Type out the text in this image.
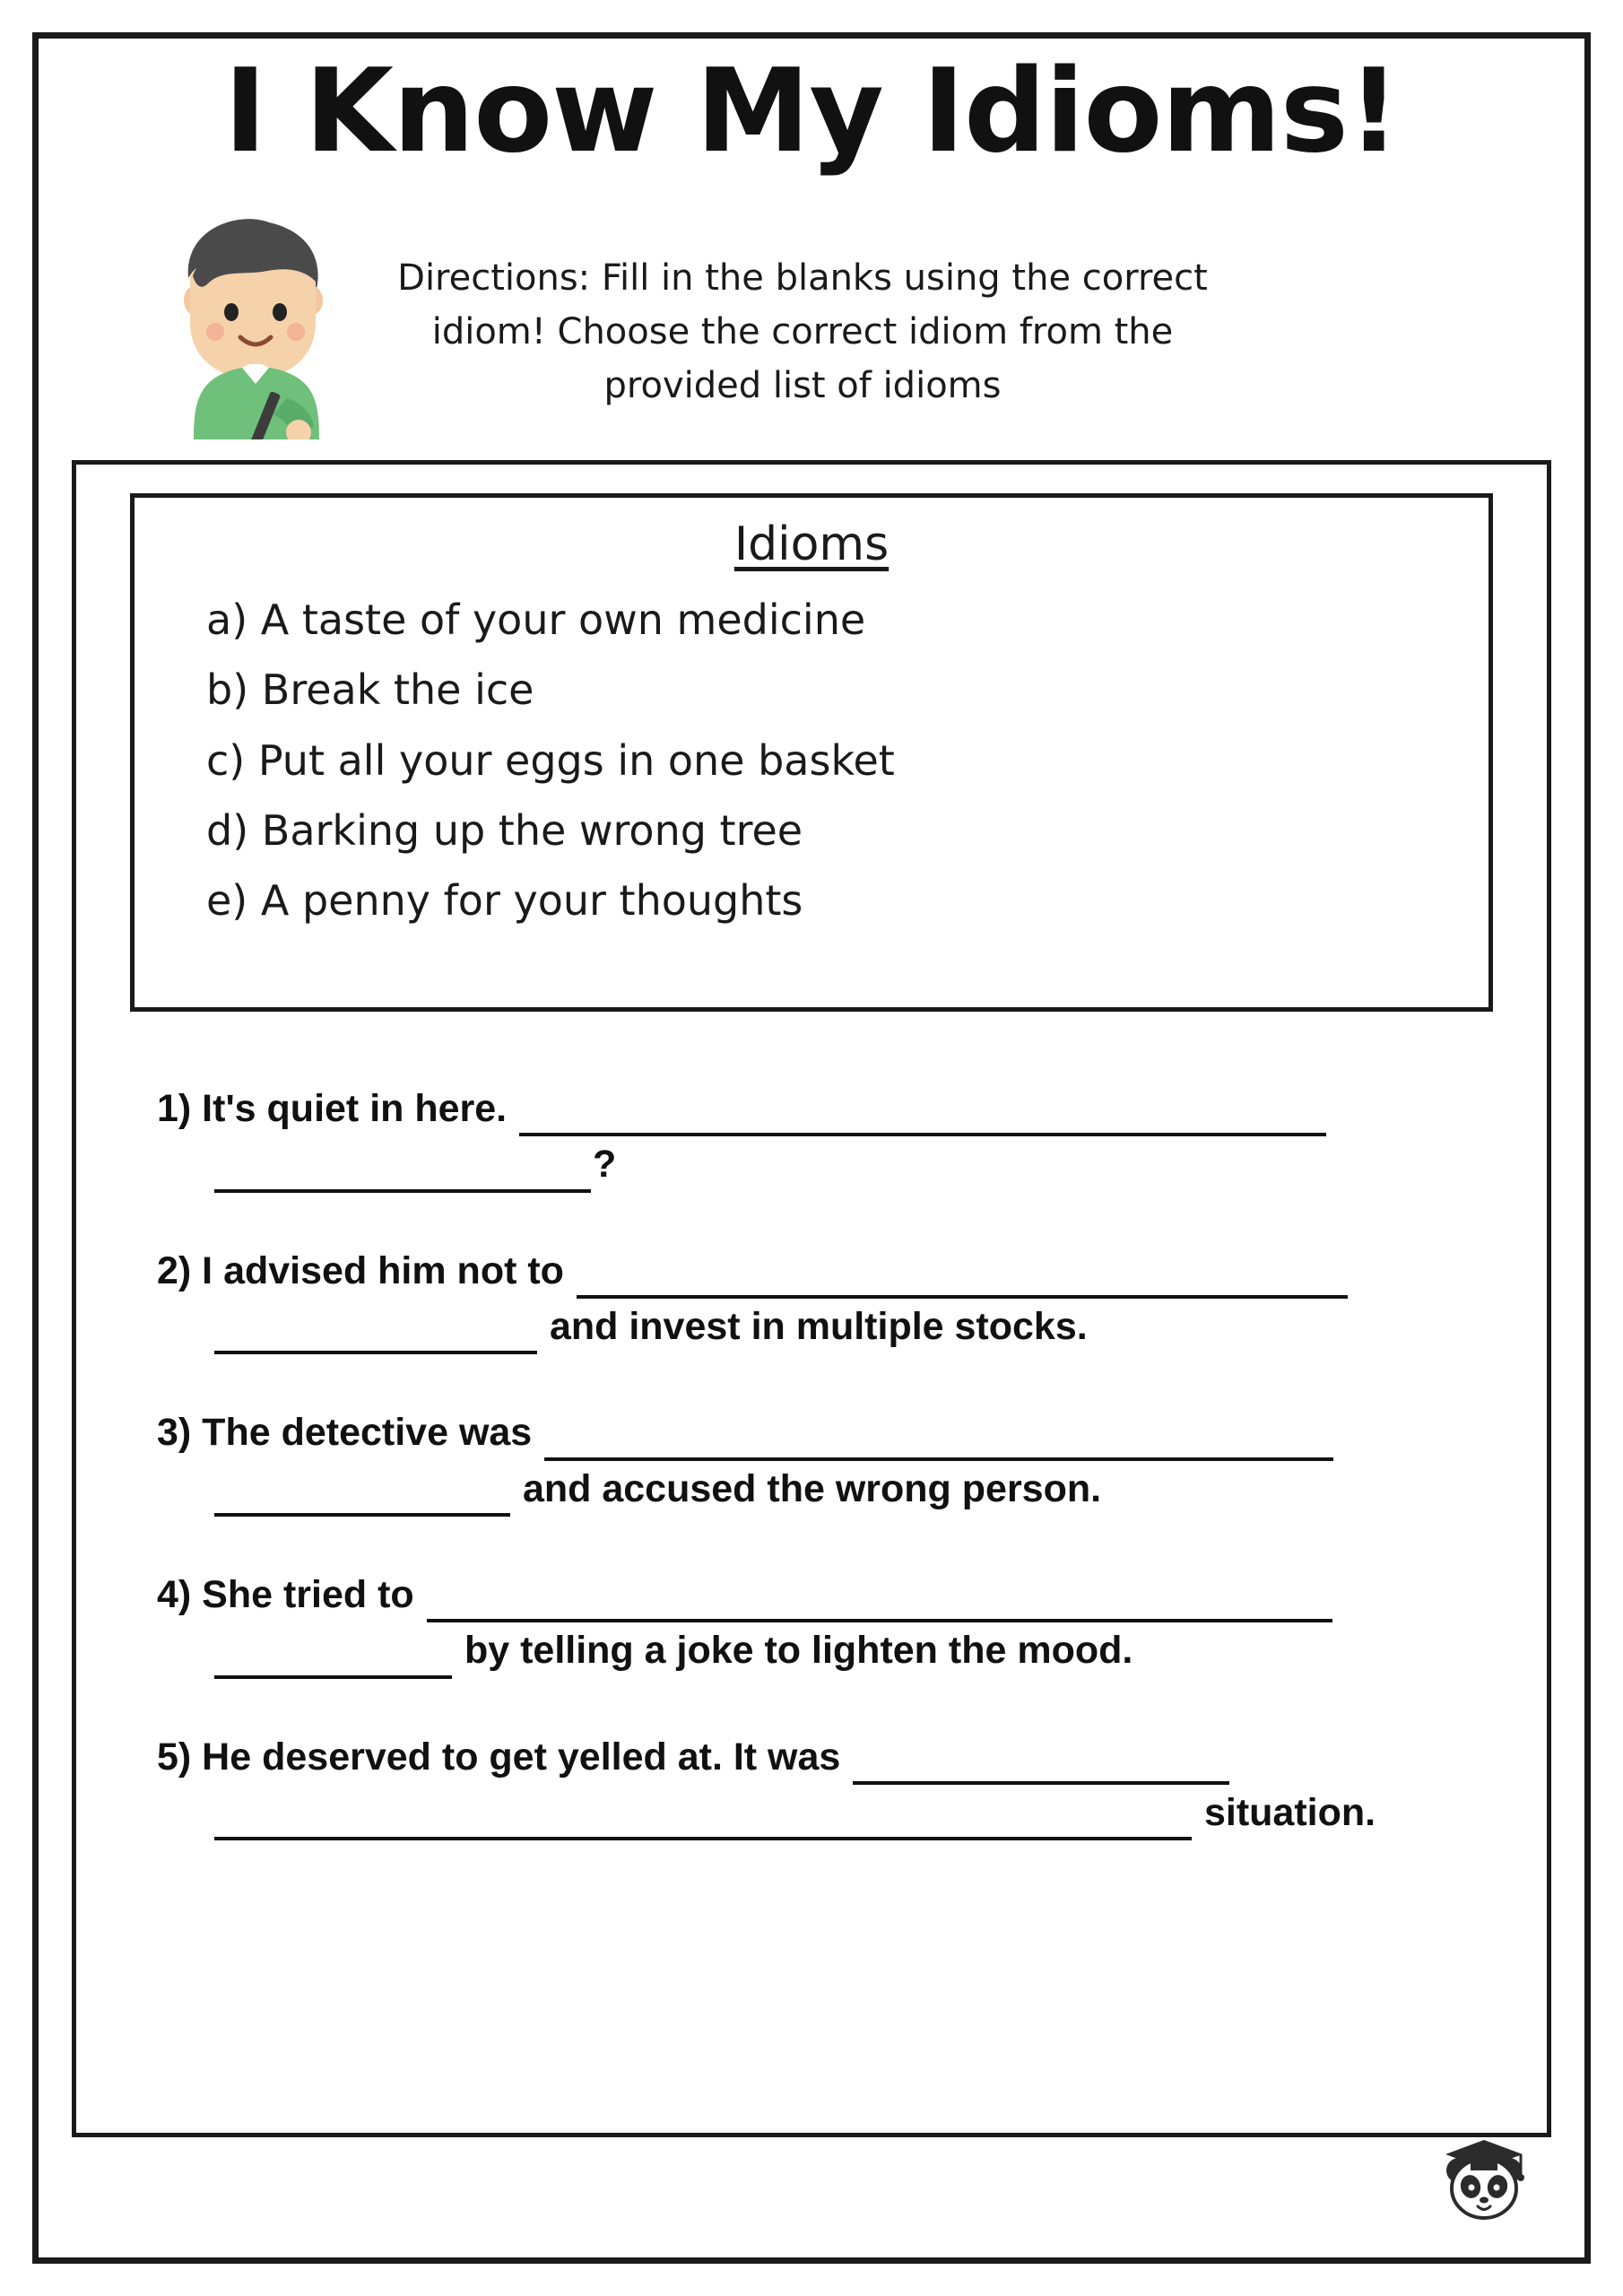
I Know My Idioms!
Directions: Fill in the blanks using the correct idiom! Choose the correct idiom from the provided list of idioms
Idioms
a) A taste of your own medicine
b) Break the ice
c) Put all your eggs in one basket
d) Barking up the wrong tree
e) A penny for your thoughts
1) It's quiet in here.
?
2) I advised him not to
and invest in multiple stocks.
3) The detective was
and accused the wrong person.
4) She tried to
by telling a joke to lighten the mood.
5) He deserved to get yelled at. It was
situation.
